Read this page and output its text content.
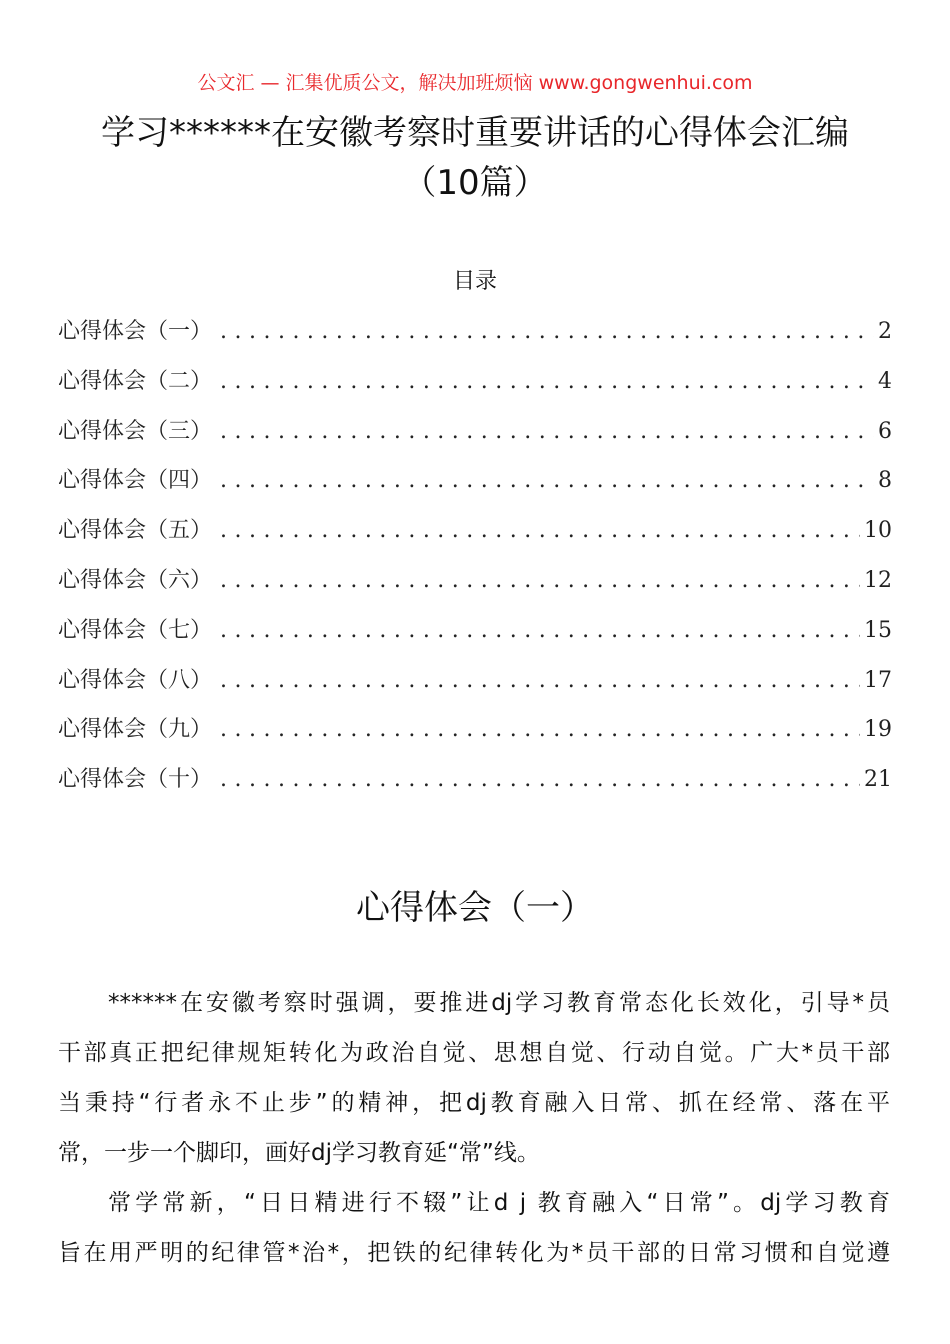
公文汇 — 汇集优质公文，解决加班烦恼 www.gongwenhui.com
学习******在安徽考察时重要讲话的心得体会汇编
（10篇）
目录
心得体会（一） . . .	2
心得体会（二） . . .	4
心得体会（三） . . .	6
心得体会（四） . . .	8
心得体会（五） . . .	10
心得体会（六） . . .	12
心得体会（七） . . .	15
心得体会（八） . . .	17
心得体会（九） . . .	19
心得体会（十） . . .	21
心得体会（一）
******在安徽考察时强调，要推进dj学习教育常态化长效化，引导*员
干部真正把纪律规矩转化为政治自觉、思想自觉、行动自觉。广大*员干部
当秉持“行者永不止步”的精神，把dj教育融入日常、抓在经常、落在平
常，一步一个脚印，画好dj学习教育延“常”线。
常学常新，“日日精进行不辍”让d j 教育融入“日常”。dj学习教育
旨在用严明的纪律管*治*，把铁的纪律转化为*员干部的日常习惯和自觉遵
